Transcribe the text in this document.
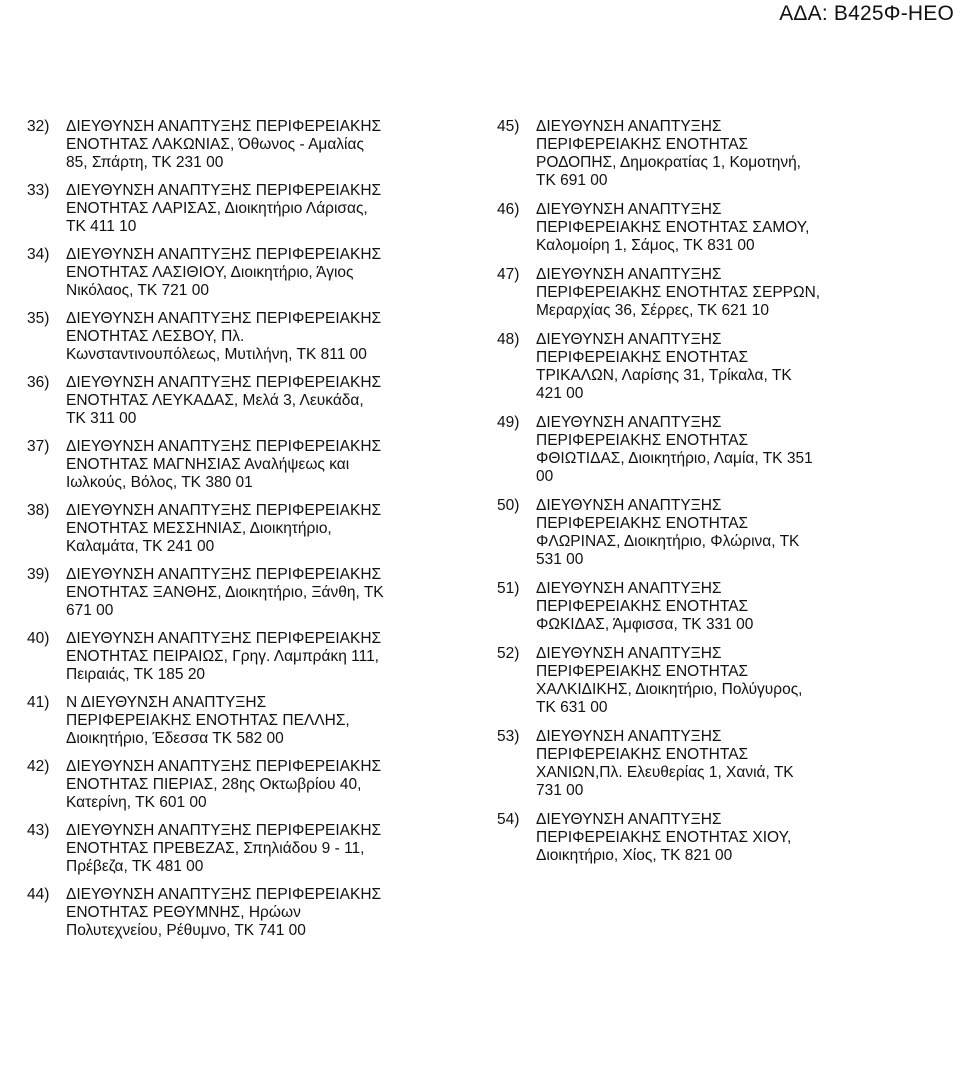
ΑΔΑ: Β425Φ-ΗΕΟ
32)	ΔΙΕΥΘΥΝΣΗ ΑΝΑΠΤΥΞΗΣ ΠΕΡΙΦΕΡΕΙΑΚΗΣ
ΕΝΟΤΗΤΑΣ ΛΑΚΩΝΙΑΣ, Όθωνος - Αμαλίας
85, Σπάρτη, ΤΚ 231 00
33)	ΔΙΕΥΘΥΝΣΗ ΑΝΑΠΤΥΞΗΣ ΠΕΡΙΦΕΡΕΙΑΚΗΣ
ΕΝΟΤΗΤΑΣ ΛΑΡΙΣΑΣ, Διοικητήριο Λάρισας,
ΤΚ 411 10
34)	ΔΙΕΥΘΥΝΣΗ ΑΝΑΠΤΥΞΗΣ ΠΕΡΙΦΕΡΕΙΑΚΗΣ
ΕΝΟΤΗΤΑΣ ΛΑΣΙΘΙΟΥ, Διοικητήριο, Άγιος
Νικόλαος, ΤΚ 721 00
35)	ΔΙΕΥΘΥΝΣΗ ΑΝΑΠΤΥΞΗΣ ΠΕΡΙΦΕΡΕΙΑΚΗΣ
ΕΝΟΤΗΤΑΣ ΛΕΣΒΟΥ, Πλ.
Κωνσταντινουπόλεως, Μυτιλήνη, ΤΚ 811 00
36)	ΔΙΕΥΘΥΝΣΗ ΑΝΑΠΤΥΞΗΣ ΠΕΡΙΦΕΡΕΙΑΚΗΣ
ΕΝΟΤΗΤΑΣ ΛΕΥΚΑΔΑΣ, Μελά 3, Λευκάδα,
ΤΚ 311 00
37)	ΔΙΕΥΘΥΝΣΗ ΑΝΑΠΤΥΞΗΣ ΠΕΡΙΦΕΡΕΙΑΚΗΣ
ΕΝΟΤΗΤΑΣ ΜΑΓΝΗΣΙΑΣ Αναλήψεως και
Ιωλκούς, Βόλος, ΤΚ 380 01
38)	ΔΙΕΥΘΥΝΣΗ ΑΝΑΠΤΥΞΗΣ ΠΕΡΙΦΕΡΕΙΑΚΗΣ
ΕΝΟΤΗΤΑΣ ΜΕΣΣΗΝΙΑΣ, Διοικητήριο,
Καλαμάτα, ΤΚ 241 00
39)	ΔΙΕΥΘΥΝΣΗ ΑΝΑΠΤΥΞΗΣ ΠΕΡΙΦΕΡΕΙΑΚΗΣ
ΕΝΟΤΗΤΑΣ ΞΑΝΘΗΣ, Διοικητήριο, Ξάνθη, ΤΚ
671 00
40)	ΔΙΕΥΘΥΝΣΗ ΑΝΑΠΤΥΞΗΣ ΠΕΡΙΦΕΡΕΙΑΚΗΣ
ΕΝΟΤΗΤΑΣ ΠΕΙΡΑΙΩΣ, Γρηγ. Λαμπράκη 111,
Πειραιάς, ΤΚ 185 20
41)	Ν ΔΙΕΥΘΥΝΣΗ ΑΝΑΠΤΥΞΗΣ
ΠΕΡΙΦΕΡΕΙΑΚΗΣ ΕΝΟΤΗΤΑΣ ΠΕΛΛΗΣ,
Διοικητήριο, Έδεσσα ΤΚ 582 00
42)	ΔΙΕΥΘΥΝΣΗ ΑΝΑΠΤΥΞΗΣ ΠΕΡΙΦΕΡΕΙΑΚΗΣ
ΕΝΟΤΗΤΑΣ ΠΙΕΡΙΑΣ, 28ης Οκτωβρίου 40,
Κατερίνη, ΤΚ 601 00
43)	ΔΙΕΥΘΥΝΣΗ ΑΝΑΠΤΥΞΗΣ ΠΕΡΙΦΕΡΕΙΑΚΗΣ
ΕΝΟΤΗΤΑΣ ΠΡΕΒΕΖΑΣ, Σπηλιάδου 9 - 11,
Πρέβεζα, ΤΚ 481 00
44)	ΔΙΕΥΘΥΝΣΗ ΑΝΑΠΤΥΞΗΣ ΠΕΡΙΦΕΡΕΙΑΚΗΣ
ΕΝΟΤΗΤΑΣ ΡΕΘΥΜΝΗΣ, Ηρώων
Πολυτεχνείου, Ρέθυμνο, ΤΚ 741 00
45)	ΔΙΕΥΘΥΝΣΗ ΑΝΑΠΤΥΞΗΣ
ΠΕΡΙΦΕΡΕΙΑΚΗΣ ΕΝΟΤΗΤΑΣ
ΡΟΔΟΠΗΣ, Δημοκρατίας 1, Κομοτηνή,
ΤΚ 691 00
46)	ΔΙΕΥΘΥΝΣΗ ΑΝΑΠΤΥΞΗΣ
ΠΕΡΙΦΕΡΕΙΑΚΗΣ ΕΝΟΤΗΤΑΣ ΣΑΜΟΥ,
Καλομοίρη 1, Σάμος, ΤΚ 831 00
47)	ΔΙΕΥΘΥΝΣΗ ΑΝΑΠΤΥΞΗΣ
ΠΕΡΙΦΕΡΕΙΑΚΗΣ ΕΝΟΤΗΤΑΣ ΣΕΡΡΩΝ,
Μεραρχίας 36, Σέρρες, ΤΚ 621 10
48)	ΔΙΕΥΘΥΝΣΗ ΑΝΑΠΤΥΞΗΣ
ΠΕΡΙΦΕΡΕΙΑΚΗΣ ΕΝΟΤΗΤΑΣ
ΤΡΙΚΑΛΩΝ, Λαρίσης 31, Τρίκαλα, ΤΚ
421 00
49)	ΔΙΕΥΘΥΝΣΗ ΑΝΑΠΤΥΞΗΣ
ΠΕΡΙΦΕΡΕΙΑΚΗΣ ΕΝΟΤΗΤΑΣ
ΦΘΙΩΤΙΔΑΣ, Διοικητήριο, Λαμία, ΤΚ 351
00
50)	ΔΙΕΥΘΥΝΣΗ ΑΝΑΠΤΥΞΗΣ
ΠΕΡΙΦΕΡΕΙΑΚΗΣ ΕΝΟΤΗΤΑΣ
ΦΛΩΡΙΝΑΣ, Διοικητήριο, Φλώρινα, ΤΚ
531 00
51)	ΔΙΕΥΘΥΝΣΗ ΑΝΑΠΤΥΞΗΣ
ΠΕΡΙΦΕΡΕΙΑΚΗΣ ΕΝΟΤΗΤΑΣ
ΦΩΚΙΔΑΣ, Άμφισσα, ΤΚ 331 00
52)	ΔΙΕΥΘΥΝΣΗ ΑΝΑΠΤΥΞΗΣ
ΠΕΡΙΦΕΡΕΙΑΚΗΣ ΕΝΟΤΗΤΑΣ
ΧΑΛΚΙΔΙΚΗΣ, Διοικητήριο, Πολύγυρος,
ΤΚ 631 00
53)	ΔΙΕΥΘΥΝΣΗ ΑΝΑΠΤΥΞΗΣ
ΠΕΡΙΦΕΡΕΙΑΚΗΣ ΕΝΟΤΗΤΑΣ
ΧΑΝΙΩΝ,Πλ. Ελευθερίας 1, Χανιά, ΤΚ
731 00
54)	ΔΙΕΥΘΥΝΣΗ ΑΝΑΠΤΥΞΗΣ
ΠΕΡΙΦΕΡΕΙΑΚΗΣ ΕΝΟΤΗΤΑΣ ΧΙΟΥ,
Διοικητήριο, Χίος, ΤΚ 821 00
